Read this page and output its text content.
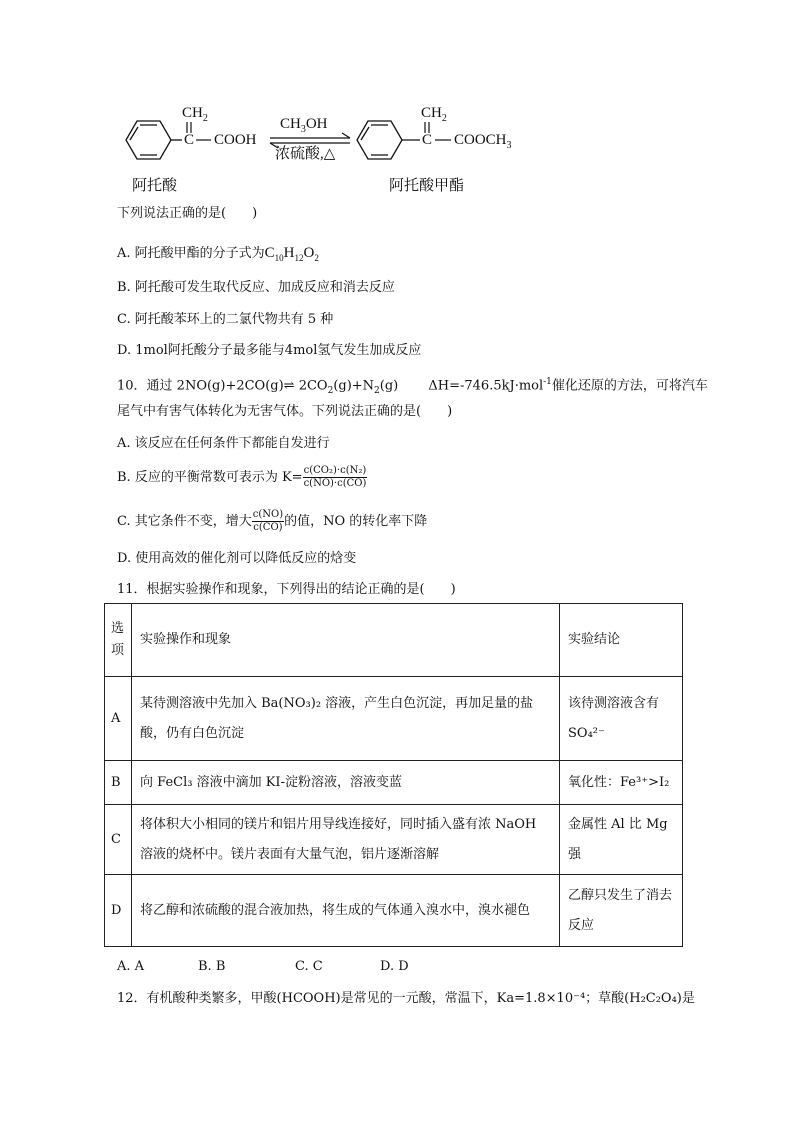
$CH_2$
C COOH
$CH_3OH$
浓硫酸,△
$CH_2$
C $COOCH_3$
阿托酸	阿托酸甲酯
下列说法正确的是(　　)
A. 阿托酸甲酯的分子式为$C_{10}H_{12}O_2$
B. 阿托酸可发生取代反应、加成反应和消去反应
C. 阿托酸苯环上的二氯代物共有 5 种
D. 1mol阿托酸分子最多能与4mol氢气发生加成反应
10．通过 2NO(g)+2CO(g)⇌ $2CO_2(g)+N_2(g)$　　 ΔH=-746.5kJ·mol$^{-1}$催化还原的方法，可将汽车
尾气中有害气体转化为无害气体。下列说法正确的是(　　)
A. 该反应在任何条件下都能自发进行
B. 反应的平衡常数可表示为 $K= \frac{\text{c(CO₂)·c(N₂)}}{c(NO)\cdot c(CO)}$
C. 其它条件不变，增大 $\frac{c(NO)}{c(CO)}$ 的值，NO 的转化率下降
D. 使用高效的催化剂可以降低反应的焓变
11．根据实验操作和现象，下列得出的结论正确的是(　　)
选项	实验操作和现象	实验结论
A	某待测溶液中先加入 Ba(NO₃)₂ 溶液，产生白色沉淀，再加足量的盐酸，仍有白色沉淀	该待测溶液含有 SO₄²⁻
B	向 FeCl₃ 溶液中滴加 KI-淀粉溶液，溶液变蓝	氧化性：Fe³⁺>I₂
C	将体积大小相同的镁片和铝片用导线连接好，同时插入盛有浓 NaOH 溶液的烧杯中。镁片表面有大量气泡，铝片逐渐溶解	金属性 Al 比 Mg 强
D	将乙醇和浓硫酸的混合液加热，将生成的气体通入溴水中，溴水褪色	乙醇只发生了消去反应
A. A	B. B	C. C	D. D
12．有机酸种类繁多，甲酸(HCOOH)是常见的一元酸，常温下，Ka=1.8×10⁻⁴；草酸(H₂C₂O₄)是
